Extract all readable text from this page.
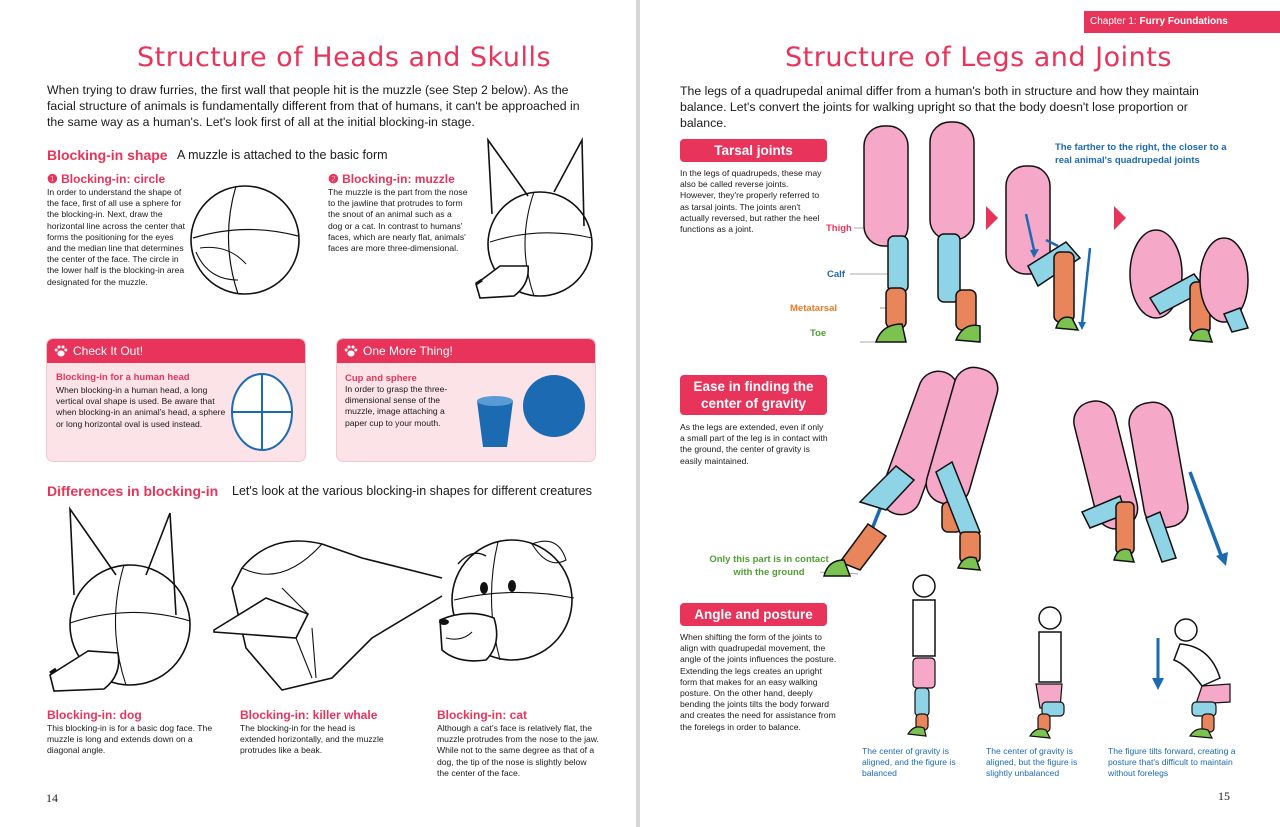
Structure of Heads and Skulls
When trying to draw furries, the first wall that people hit is the muzzle (see Step 2 below). As the facial structure of animals is fundamentally different from that of humans, it can't be approached in the same way as a human's. Let's look first of all at the initial blocking-in stage.
Blocking-in shape A muzzle is attached to the basic form
❶ Blocking-in: circle
In order to understand the shape of the face, first of all use a sphere for the blocking-in. Next, draw the horizontal line across the center that forms the positioning for the eyes and the median line that determines the center of the face. The circle in the lower half is the blocking-in area designated for the muzzle.
❷ Blocking-in: muzzle
The muzzle is the part from the nose to the jawline that protrudes to form the snout of an animal such as a dog or a cat. In contrast to humans' faces, which are nearly flat, animals' faces are more three-dimensional.
Check It Out!
Blocking-in for a human head
When blocking-in a human head, a long vertical oval shape is used. Be aware that when blocking-in an animal's head, a sphere or long horizontal oval is used instead.
One More Thing!
Cup and sphere
In order to grasp the three-dimensional sense of the muzzle, image attaching a paper cup to your mouth.
Differences in blocking-in Let's look at the various blocking-in shapes for different creatures
Blocking-in: dog
This blocking-in is for a basic dog face. The muzzle is long and extends down on a diagonal angle.
Blocking-in: killer whale
The blocking-in for the head is extended horizontally, and the muzzle protrudes like a beak.
Blocking-in: cat
Although a cat's face is relatively flat, the muzzle protrudes from the nose to the jaw. While not to the same degree as that of a dog, the tip of the nose is slightly below the center of the face.
14
Chapter 1: Furry Foundations
Structure of Legs and Joints
The legs of a quadrupedal animal differ from a human's both in structure and how they maintain balance. Let's convert the joints for walking upright so that the body doesn't lose proportion or balance.
Tarsal joints
In the legs of quadrupeds, these may also be called reverse joints. However, they're properly referred to as tarsal joints. The joints aren't actually reversed, but rather the heel functions as a joint.	Thigh
Calf
Metatarsal
Toe
The farther to the right, the closer to a real animal's quadrupedal joints
Ease in finding the center of gravity
As the legs are extended, even if only a small part of the leg is in contact with the ground, the center of gravity is easily maintained.
Only this part is in contact with the ground
Angle and posture
When shifting the form of the joints to align with quadrupedal movement, the angle of the joints influences the posture. Extending the legs creates an upright form that makes for an easy walking posture. On the other hand, deeply bending the joints tilts the body forward and creates the need for assistance from the forelegs in order to balance.
The center of gravity is aligned, and the figure is balanced
The center of gravity is aligned, but the figure is slightly unbalanced
The figure tilts forward, creating a posture that's difficult to maintain without forelegs
15
